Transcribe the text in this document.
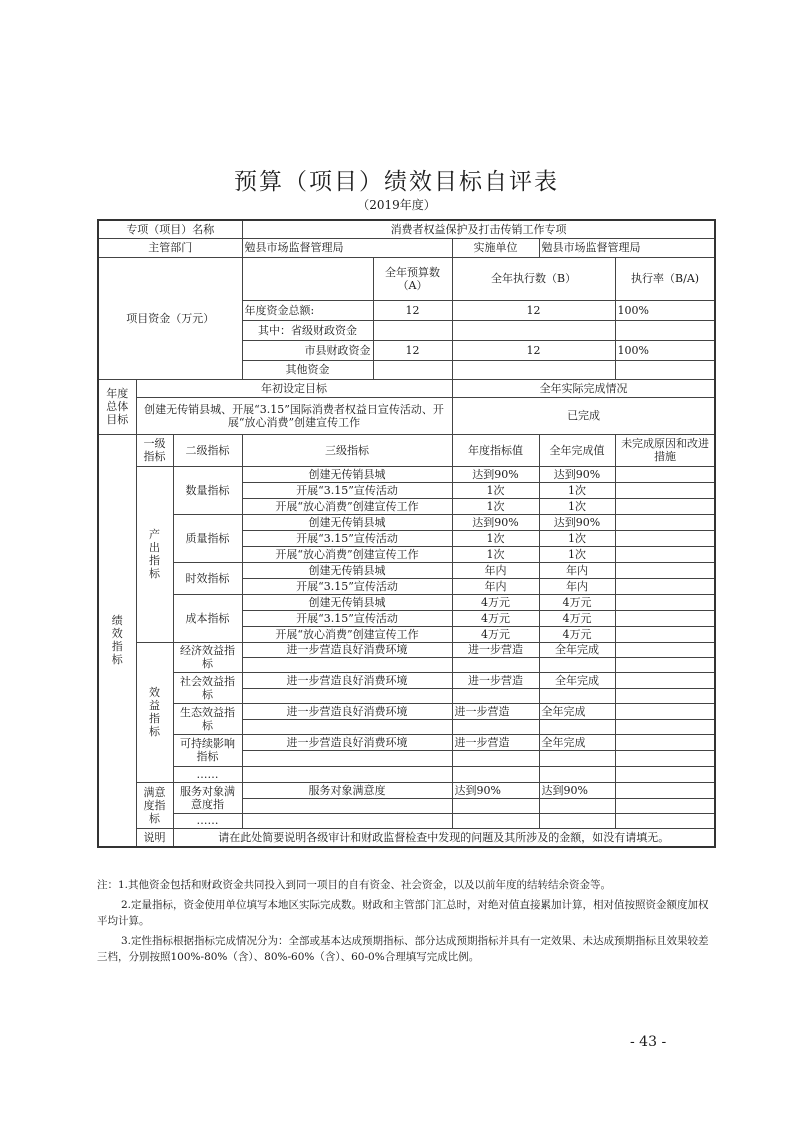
预算（项目）绩效目标自评表
（2019年度）
专项（项目）名称			消费者权益保护及打击传销工作专项				
主管部门			勉县市场监督管理局		实施单位	勉县市场监督管理局	
项目资金（万元）				全年预算数（A）	全年执行数（B）		执行率（B/A)
			年度资金总额:	12	12		100%
			其中：省级财政资金				
			市县财政资金	12	12		100%
			其他资金				
年度总体目标	年初设定目标				全年实际完成情况		
	创建无传销县城、开展“3.15”国际消费者权益日宣传活动、开展“放心消费”创建宣传工作				已完成		
绩效指标	一级指标	二级指标	三级指标		年度指标值	全年完成值	未完成原因和改进措施
	产出指标	数量指标	创建无传销县城		达到90%	达到90%	
			开展“3.15”宣传活动		1次	1次	
			开展“放心消费”创建宣传工作		1次	1次	
		质量指标	创建无传销县城		达到90%	达到90%	
			开展“3.15”宣传活动		1次	1次	
			开展“放心消费”创建宣传工作		1次	1次	
		时效指标	创建无传销县城		年内	年内	
			开展“3.15”宣传活动		年内	年内	
		成本指标	创建无传销县城		4万元	4万元	
			开展“3.15”宣传活动		4万元	4万元	
			开展“放心消费”创建宣传工作		4万元	4万元	
	效益指标	经济效益指标	进一步营造良好消费环境		进一步营造	全年完成	

		社会效益指标	进一步营造良好消费环境		进一步营造	全年完成	

		生态效益指标	进一步营造良好消费环境		进一步营造	全年完成	

		可持续影响指标	进一步营造良好消费环境		进一步营造	全年完成	

		……					
	满意度指标	服务对象满意度指	服务对象满意度		达到90%	达到90%	

		……					
	说明	请在此处简要说明各级审计和财政监督检查中发现的问题及其所涉及的金额，如没有请填无。					

注：1.其他资金包括和财政资金共同投入到同一项目的自有资金、社会资金，以及以前年度的结转结余资金等。

2.定量指标，资金使用单位填写本地区实际完成数。财政和主管部门汇总时，对绝对值直接累加计算，相对值按照资金额度加权平均计算。

3.定性指标根据指标完成情况分为：全部或基本达成预期指标、部分达成预期指标并具有一定效果、未达成预期指标且效果较差三档，分别按照100%-80%（含）、80%-60%（含）、60-0%合理填写完成比例。

- 43 -
